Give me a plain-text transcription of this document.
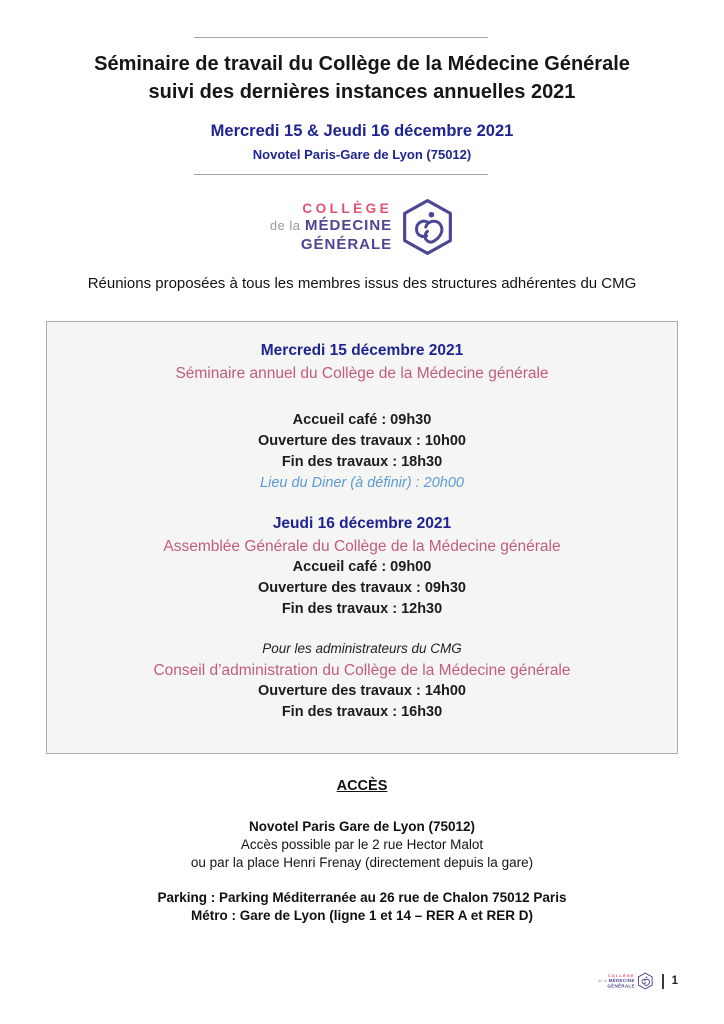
Séminaire de travail du Collège de la Médecine Générale
suivi des dernières instances annuelles 2021
Mercredi 15 & Jeudi 16 décembre 2021
Novotel Paris-Gare de Lyon (75012)
COLLÈGE
de la MÉDECINE
GÉNÉRALE
Réunions proposées à tous les membres issus des structures adhérentes du CMG
Mercredi 15 décembre 2021
Séminaire annuel du Collège de la Médecine générale
Accueil café : 09h30
Ouverture des travaux : 10h00
Fin des travaux : 18h30
Lieu du Diner (à définir) : 20h00
Jeudi 16 décembre 2021
Assemblée Générale du Collège de la Médecine générale
Accueil café : 09h00
Ouverture des travaux : 09h30
Fin des travaux : 12h30
Pour les administrateurs du CMG
Conseil d’administration du Collège de la Médecine générale
Ouverture des travaux : 14h00
Fin des travaux : 16h30
ACCÈS
Novotel Paris Gare de Lyon (75012)
Accès possible par le 2 rue Hector Malot
ou par la place Henri Frenay (directement depuis la gare)
Parking : Parking Méditerranée au 26 rue de Chalon 75012 Paris
Métro : Gare de Lyon (ligne 1 et 14 – RER A et RER D)
COLLÈGE
de la MÉDECINE
GÉNÉRALE	1
